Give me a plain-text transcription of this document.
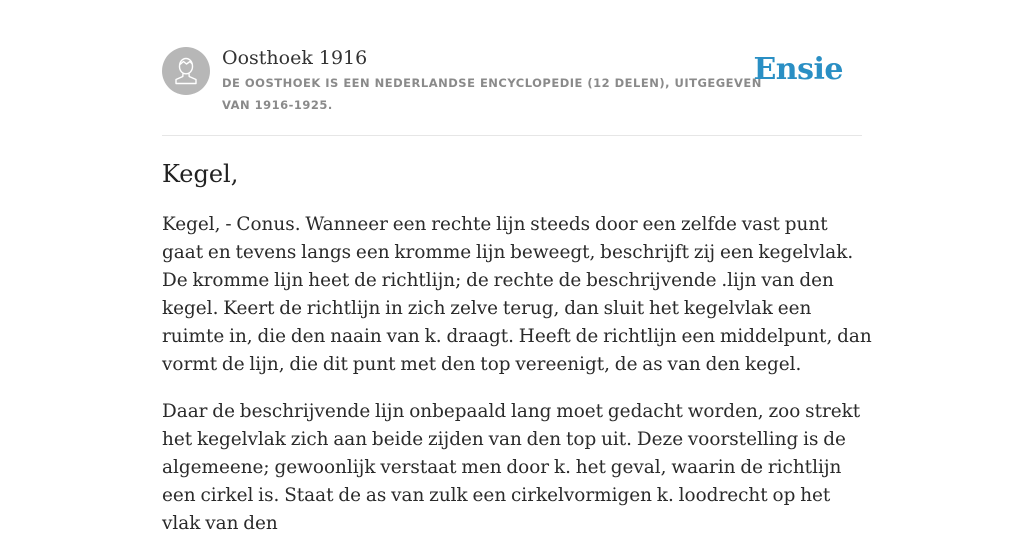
Oosthoek 1916
DE OOSTHOEK IS EEN NEDERLANDSE ENCYCLOPEDIE (12 DELEN), UITGEGEVEN VAN 1916-1925.
Ensie
Kegel,

Kegel, - Conus. Wanneer een rechte lijn steeds door een zelfde vast punt gaat en tevens langs een kromme lijn beweegt, beschrijft zij een kegelvlak. De kromme lijn heet de richtlijn; de rechte de beschrijvende .lijn van den kegel. Keert de richtlijn in zich zelve terug, dan sluit het kegelvlak een ruimte in, die den naain van k. draagt. Heeft de richtlijn een middelpunt, dan vormt de lijn, die dit punt met den top vereenigt, de as van den kegel.

Daar de beschrijvende lijn onbepaald lang moet gedacht worden, zoo strekt het kegelvlak zich aan beide zijden van den top uit. Deze voorstelling is de algemeene; gewoonlijk verstaat men door k. het geval, waarin de richtlijn een cirkel is. Staat de as van zulk een cirkelvormigen k. loodrecht op het vlak van den
